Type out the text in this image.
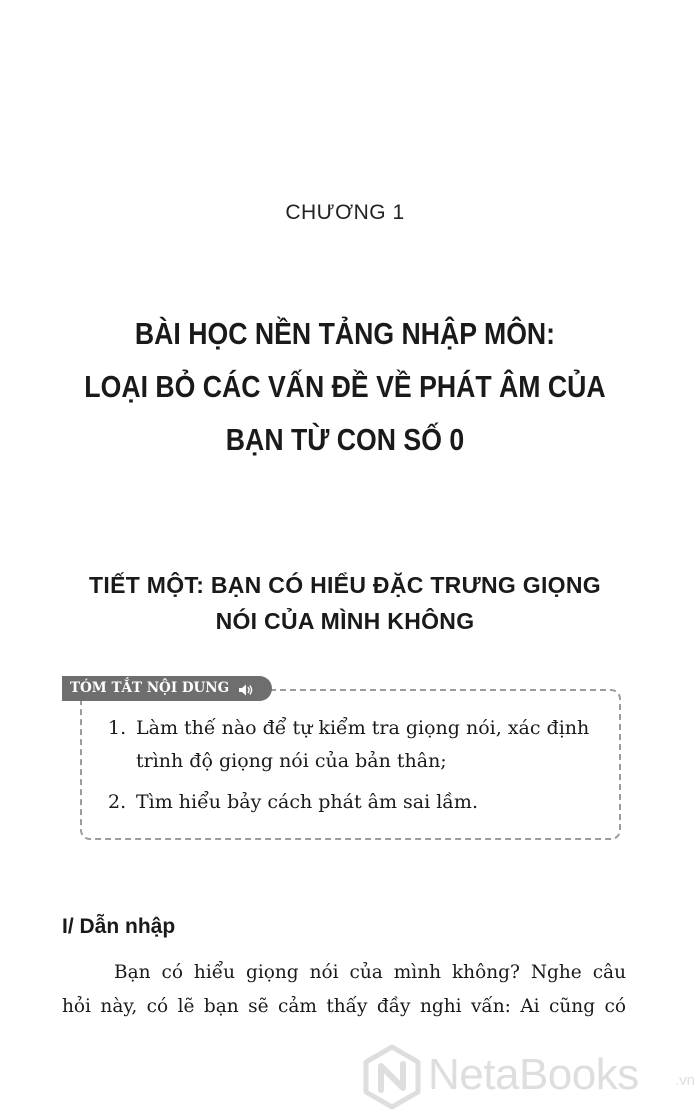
CHƯƠNG 1
BÀI HỌC NỀN TẢNG NHẬP MÔN:
LOẠI BỎ CÁC VẤN ĐỀ VỀ PHÁT ÂM CỦA
BẠN TỪ CON SỐ 0
TIẾT MỘT: BẠN CÓ HIỂU ĐẶC TRƯNG GIỌNG
NÓI CỦA MÌNH KHÔNG
TÓM TẮT NỘI DUNG
1. Làm thế nào để tự kiểm tra giọng nói, xác định
trình độ giọng nói của bản thân;
2. Tìm hiểu bảy cách phát âm sai lầm.
I/ Dẫn nhập
Bạn có hiểu giọng nói của mình không? Nghe câu
hỏi này, có lẽ bạn sẽ cảm thấy đầy nghi vấn: Ai cũng có
NetaBooks .vn
